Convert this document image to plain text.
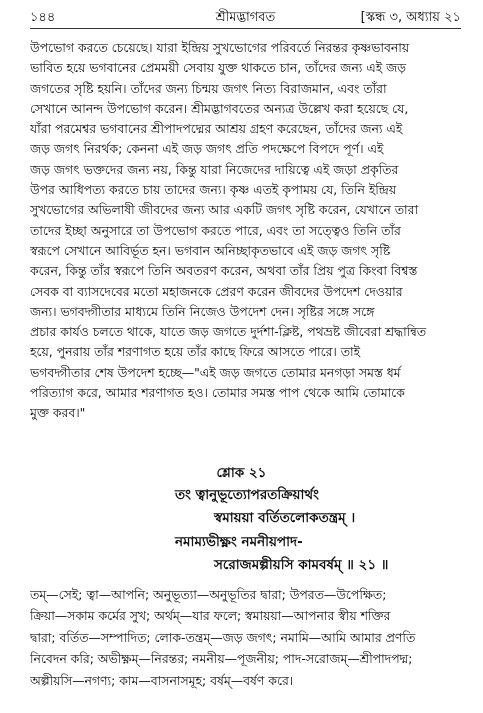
১৪৪	শ্রীমদ্ভাগবত	[স্কন্ধ ৩, অধ্যায় ২১
উপভোগ করতে চেয়েছে। যারা ইন্দ্রিয় সুখভোগের পরিবর্তে নিরন্তর কৃষ্ণভাবনায়
ভাবিত হয়ে ভগবানের প্রেমময়ী সেবায় যুক্ত থাকতে চান, তাঁদের জন্য এই জড়
জগতের সৃষ্টি হয়নি। তাঁদের জন্য চিন্ময় জগৎ নিত্য বিরাজমান, এবং তাঁরা
সেখানে আনন্দ উপভোগ করেন। শ্রীমদ্ভাগবতের অন্যত্র উল্লেখ করা হয়েছে যে,
যাঁরা পরমেশ্বর ভগবানের শ্রীপাদপদ্মের আশ্রয় গ্রহণ করেছেন, তাঁদের জন্য এই
জড় জগৎ নিরর্থক; কেননা এই জড় জগৎ প্রতি পদক্ষেপে বিপদে পূর্ণ। এই
জড় জগৎ ভক্তদের জন্য নয়, কিন্তু যারা নিজেদের দায়িত্বে এই জড়া প্রকৃতির
উপর আধিপত্য করতে চায় তাদের জন্য। কৃষ্ণ এতই কৃপাময় যে, তিনি ইন্দ্রিয়
সুখভোগের অভিলাষী জীবদের জন্য আর একটি জগৎ সৃষ্টি করেন, যেখানে তারা
তাদের ইচ্ছা অনুসারে তা উপভোগ করতে পারে, এবং তা সত্ত্বেও তিনি তাঁর
স্বরূপে সেখানে আবির্ভূত হন। ভগবান অনিচ্ছাকৃতভাবে এই জড় জগৎ সৃষ্টি
করেন, কিন্তু তাঁর স্বরূপে তিনি অবতরণ করেন, অথবা তাঁর প্রিয় পুত্র কিংবা বিশ্বস্ত
সেবক বা ব্যাসদেবের মতো মহাজনকে প্রেরণ করেন জীবদের উপদেশ দেওয়ার
জন্য। ভগবদ্গীতার মাধ্যমে তিনি নিজেও উপদেশ দেন। সৃষ্টির সঙ্গে সঙ্গে
প্রচার কার্যও চলতে থাকে, যাতে জড় জগতে দুর্দশা-ক্লিষ্ট, পথভ্রষ্ট জীবেরা শ্রদ্ধান্বিত
হয়ে, পুনরায় তাঁর শরণাগত হয়ে তাঁর কাছে ফিরে আসতে পারে। তাই
ভগবদ্গীতার শেষ উপদেশ হচ্ছে—"এই জড় জগতে তোমার মনগড়া সমস্ত ধর্ম
পরিত্যাগ করে, আমার শরণাগত হও। তোমার সমস্ত পাপ থেকে আমি তোমাকে
মুক্ত করব।"
শ্লোক ২১
তং ত্বানুভূত্যোপরতক্রিয়ার্থং
স্বমায়য়া বর্তিতলোকতন্ত্রম্ ।
নমাম্যভীক্ষ্ণং নমনীয়পাদ-
সরোজমল্পীয়সি কামবর্ষম্ ॥ ২১ ॥
তম্—সেই; ত্বা—আপনি; অনুভূত্যা—অনুভূতির দ্বারা; উপরত—উপেক্ষিত;
ক্রিয়া—সকাম কর্মের সুখ; অর্থম্—যার ফলে; স্বমায়য়া—আপনার স্বীয় শক্তির
দ্বারা; বর্তিত—সম্পাদিত; লোক-তন্ত্রম্—জড় জগৎ; নমামি—আমি আমার প্রণতি
নিবেদন করি; অভীক্ষ্ণম্—নিরন্তর; নমনীয়—পূজনীয়; পাদ-সরোজম্—শ্রীপাদপদ্ম;
অল্পীয়সি—নগণ্য; কাম—বাসনাসমূহ; বর্ষম্—বর্ষণ করে।
